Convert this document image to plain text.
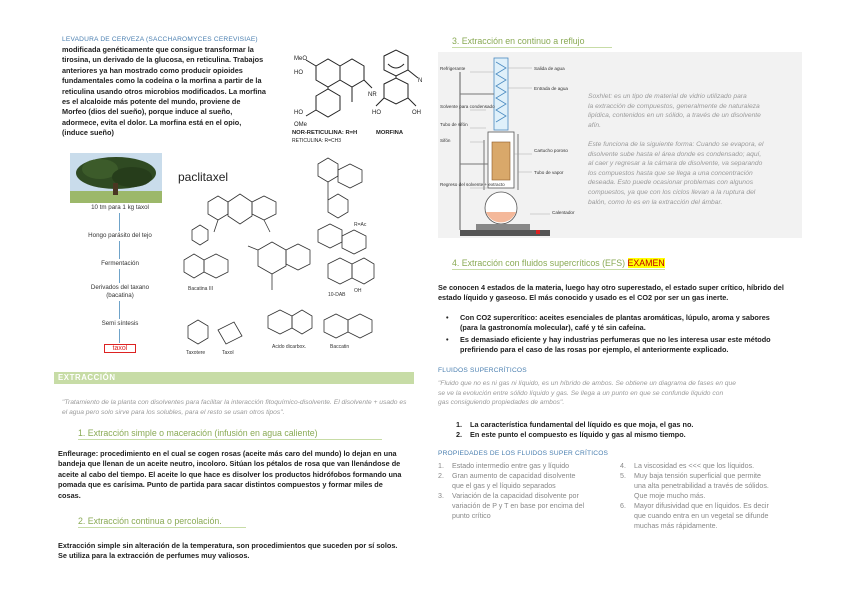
LEVADURA DE CERVEZA (SACCHAROMYCES CEREVISIAE)
modificada genéticamente que consigue transformar la
tirosina, un derivado de la glucosa, en reticulina. Trabajos
anteriores ya han mostrado como producir opioides
fundamentales como la codeína o la morfina a partir de la
reticulina usando otros microbios modificados. La morfina
es el alcaloide más potente del mundo, proviene de
Morfeo (dios del sueño), porque induce al sueño,
adormece, evita el dolor. La morfina está en el opio,
(induce sueño)
MeO
HO
HO
OMe
NR
N
HO	OH
NOR-RETICULINA: R=H
RETICULINA: R=CH3
MORFINA
10 tm para 1 kg taxol
Hongo parásito del tejo
Fermentación
Derivados del taxano
(bacatina)
Semi síntesis
taxol
paclitaxel
Bacatina III
10-DAB
Taxotere	Taxol
Acido dicarbox.	Baccatin
R=Ac
OH
EXTRACCIÓN
"Tratamiento de la planta con disolventes para facilitar la interacción fitoquímico-disolvente. El disolvente + usado es el agua pero solo sirve para los solubles, para el resto se usan otros tipos".
1. Extracción simple o maceración (infusión en agua caliente)
Enfleurage: procedimiento en el cual se cogen rosas (aceite más caro del mundo) lo dejan en una
bandeja que llenan de un aceite neutro, incoloro. Sitúan los pétalos de rosa que van llenándose de
aceite al cabo del tiempo. El aceite lo que hace es disolver los productos hidrófobos formando una
pomada que es carísima. Punto de partida para sacar distintos compuestos y formar miles de
cosas.
2. Extracción continua o percolación.
Extracción simple sin alteración de la temperatura, son procedimientos que suceden por sí solos.
Se utiliza para la extracción de perfumes muy valiosos.
3. Extracción en continuo a reflujo
Salida de agua
Refrigerante
Entrada de agua
Solvente para condensado
Tubo de sifón
Sifón
Cartucho poroso
Tubo de vapor
Regreso del solvente + extracto
Calentador
Soxhlet: es un tipo de material de vidrio utilizado para
la extracción de compuestos, generalmente de naturaleza
lipídica, contenidos en un sólido, a través de un disolvente
afín.
Este funciona de la siguiente forma: Cuando se evapora, el
disolvente sube hasta el área donde es condensado; aquí,
al caer y regresar a la cámara de disolvente, va separando
los compuestos hasta que se llega a una concentración
deseada. Esto puede ocasionar problemas con algunos
compuestos, ya que con los ciclos llevan a la ruptura del
balón, como lo es en la extracción del ámbar.
4. Extracción con fluidos supercríticos (EFS) EXAMEN
Se conocen 4 estados de la materia, luego hay otro superestado, el estado super crítico, híbrido del
estado líquido y gaseoso. El más conocido y usado es el CO2 por ser un gas inerte.
• Con CO2 supercrítico: aceites esenciales de plantas aromáticas, lúpulo, aroma y sabores
(para la gastronomía molecular), café y té sin cafeína.
• Es demasiado eficiente y hay industrias perfumeras que no les interesa usar este método
prefiriendo para el caso de las rosas por ejemplo, el anteriormente explicado.
FLUIDOS SUPERCRÍTICOS
"Fluido que no es ni gas ni líquido, es un híbrido de ambos. Se obtiene un diagrama de fases en que
se ve la evolución entre sólido líquido y gas. Se llega a un punto en que se confunde líquido con
gas consiguiendo propiedades de ambos".
1. La característica fundamental del líquido es que moja, el gas no.
2. En este punto el compuesto es líquido y gas al mismo tiempo.
PROPIEDADES DE LOS FLUIDOS SUPER CRÍTICOS
1. Estado intermedio entre gas y líquido
2. Gran aumento de capacidad disolvente
que el gas y el líquido separados
3. Variación de la capacidad disolvente por
variación de P y T en base por encima del
punto crítico
4. La viscosidad es <<< que los líquidos.
5. Muy baja tensión superficial que permite
una alta penetrabilidad a través de sólidos.
Que moje mucho más.
6. Mayor difusividad que en líquidos. Es decir
que cuando entra en un vegetal se difunde
muchas más rápidamente.
